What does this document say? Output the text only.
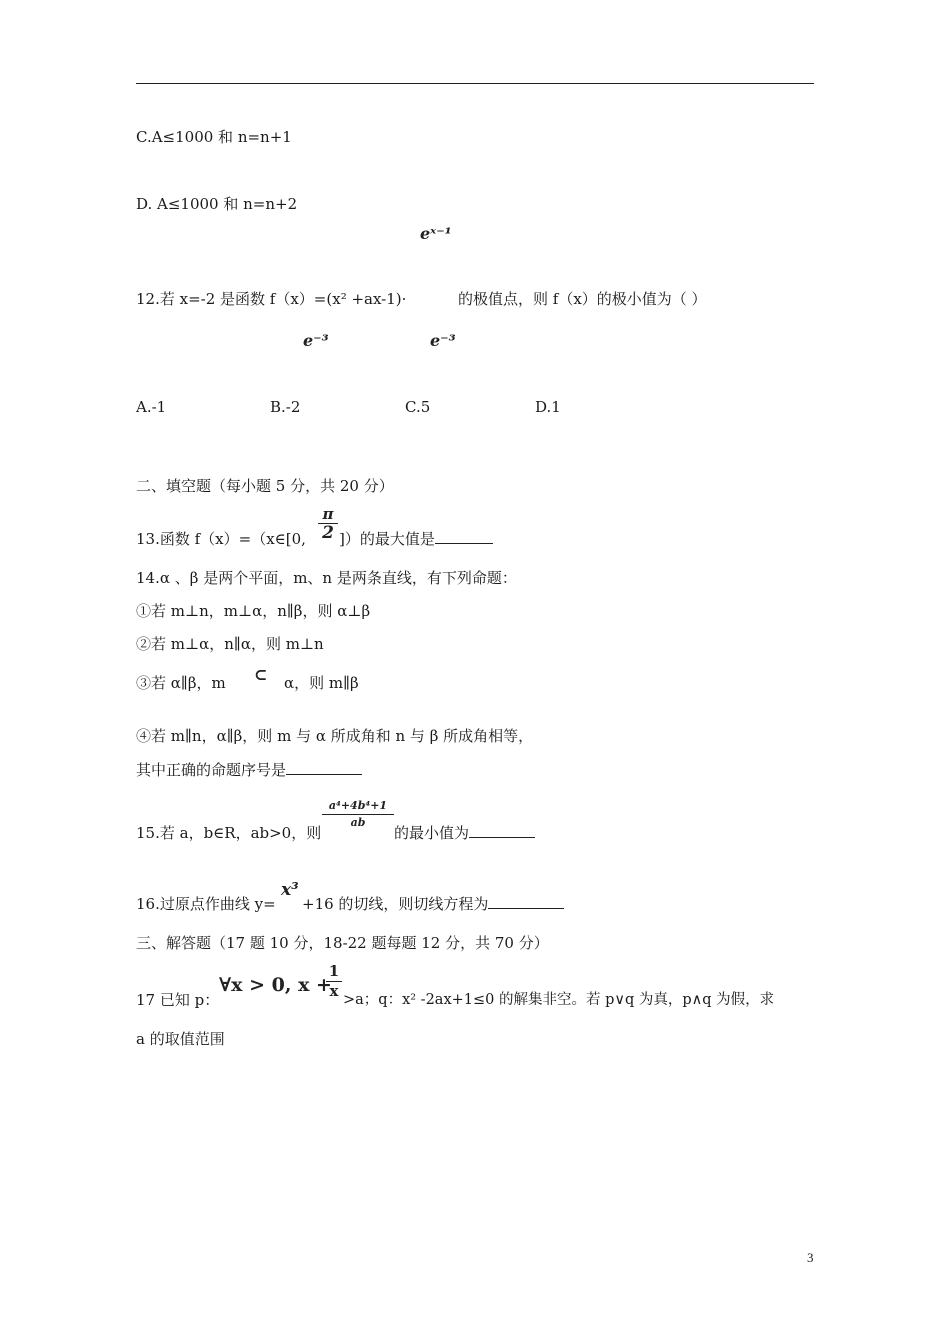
C.A≤1000 和 n=n+1
D. A≤1000 和 n=n+2
eˣ⁻¹
12.若 x=-2 是函数 f（x）=(x² +ax-1)·	的极值点，则 f（x）的极小值为（ ）
e⁻³	e⁻³
A.-1	B.-2	C.5	D.1
二、填空题（每小题 5 分，共 20 分）
13.函数 f（x）=（x∈[0, $\frac{\pi}{2}$ ]）的最大值是
14.α 、β 是两个平面，m、n 是两条直线，有下列命题：
①若 m⊥n，m⊥α，n∥β，则 α⊥β
②若 m⊥α，n∥α，则 m⊥n
③若 α∥β，m ⊂ α，则 m∥β
④若 m∥n，α∥β，则 m 与 α 所成角和 n 与 β 所成角相等，
其中正确的命题序号是
15.若 a，b∈R，ab>0，则
$\frac{\text{a⁴+4b⁴+1}}{ab}$
的最小值为
16.过原点作曲线 y=
x³
+16 的切线，则切线方程为
三、解答题（17 题 10 分，18-22 题每题 12 分，共 70 分）
17 已知 p：
∀x > 0, x +
$\frac{1}{x} >a$；q：x² -2ax+1≤0 的解集非空。若 p∨q 为真，p∧q 为假，求
a 的取值范围
3
